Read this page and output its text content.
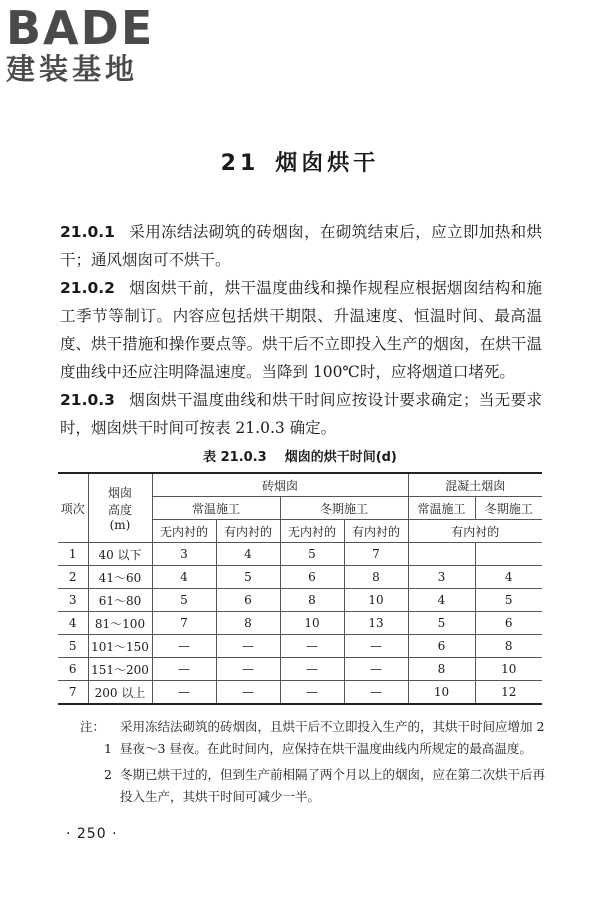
BADE
建装基地
21 烟囱烘干

21.0.1 采用冻结法砌筑的砖烟囱，在砌筑结束后，应立即加热和烘干；通风烟囱可不烘干。

21.0.2 烟囱烘干前，烘干温度曲线和操作规程应根据烟囱结构和施工季节等制订。内容应包括烘干期限、升温速度、恒温时间、最高温度、烘干措施和操作要点等。烘干后不立即投入生产的烟囱，在烘干温度曲线中还应注明降温速度。当降到 100℃时，应将烟道口堵死。

21.0.3 烟囱烘干温度曲线和烘干时间应按设计要求确定；当无要求时，烟囱烘干时间可按表 21.0.3 确定。

表 21.0.3 烟囱的烘干时间(d)
项次	烟囱
高度
(m)	砖烟囱				混凝土烟囱	
		常温施工		冬期施工		常温施工	冬期施工
		无内衬的	有内衬的	无内衬的	有内衬的	有内衬的	
1	40 以下	3	4	5	7		
2	41～60	4	5	6	8	3	4
3	61～80	5	6	8	10	4	5
4	81～100	7	8	10	13	5	6
5	101～150	—	—	—	—	6	8
6	151～200	—	—	—	—	8	10
7	200 以上	—	—	—	—	10	12
注：
1
采用冻结法砌筑的砖烟囱，且烘干后不立即投入生产的，其烘干时间应增加 2 昼夜～3 昼夜。在此时间内，应保持在烘干温度曲线内所规定的最高温度。
2 冬期已烘干过的，但到生产前相隔了两个月以上的烟囱，应在第二次烘干后再投入生产，其烘干时间可减少一半。
· 250 ·
